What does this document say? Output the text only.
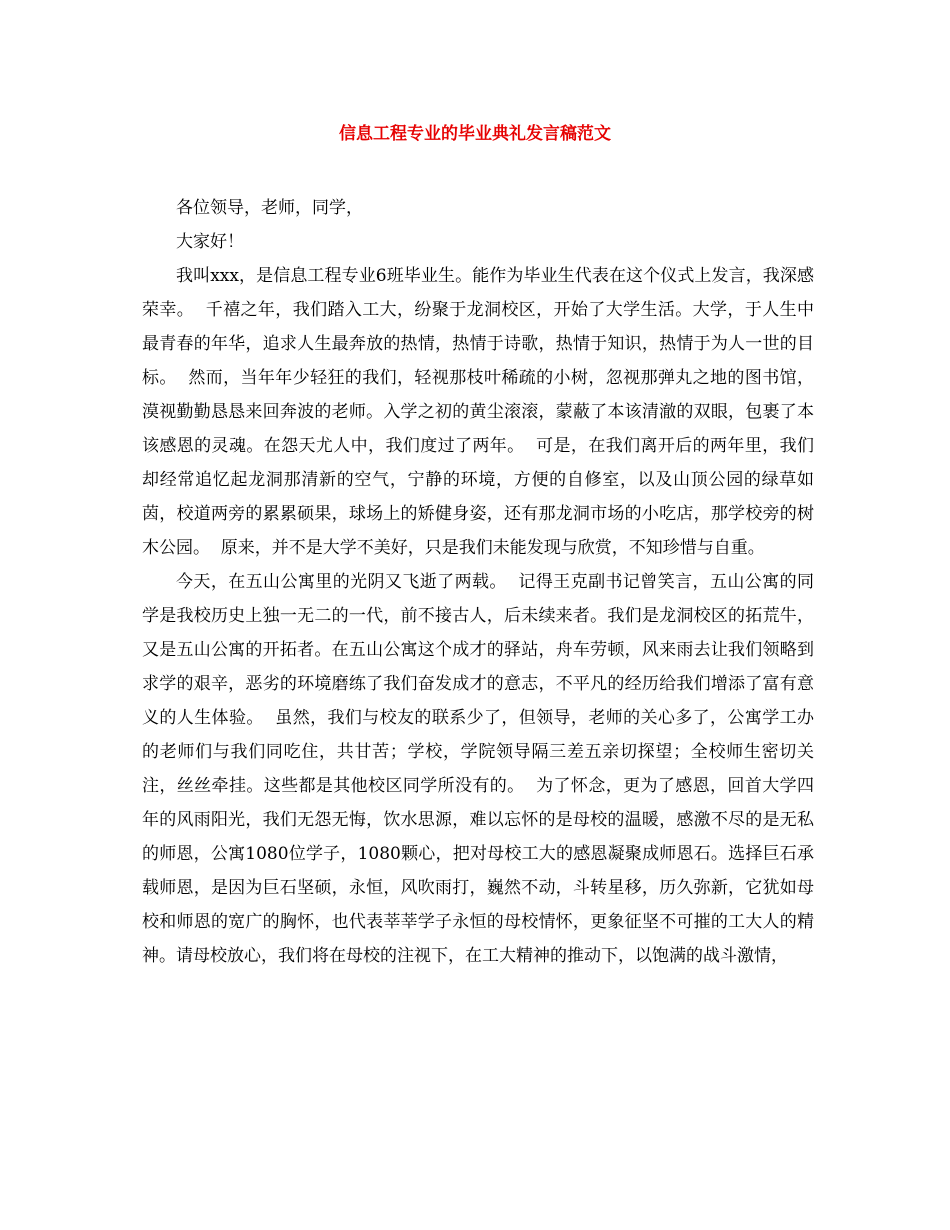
信息工程专业的毕业典礼发言稿范文

各位领导，老师，同学，

大家好！

我叫xxx，是信息工程专业6班毕业生。能作为毕业生代表在这个仪式上发言，我深感荣幸。  千禧之年，我们踏入工大，纷聚于龙洞校区，开始了大学生活。大学，于人生中最青春的年华，追求人生最奔放的热情，热情于诗歌，热情于知识，热情于为人一世的目标。  然而，当年年少轻狂的我们，轻视那枝叶稀疏的小树，忽视那弹丸之地的图书馆，漠视勤勤恳恳来回奔波的老师。入学之初的黄尘滚滚，蒙蔽了本该清澈的双眼，包裹了本该感恩的灵魂。在怨天尤人中，我们度过了两年。  可是，在我们离开后的两年里，我们却经常追忆起龙洞那清新的空气，宁静的环境，方便的自修室，以及山顶公园的绿草如茵，校道两旁的累累硕果，球场上的矫健身姿，还有那龙洞市场的小吃店，那学校旁的树木公园。  原来，并不是大学不美好，只是我们未能发现与欣赏，不知珍惜与自重。

今天，在五山公寓里的光阴又飞逝了两载。  记得王克副书记曾笑言，五山公寓的同学是我校历史上独一无二的一代，前不接古人，后未续来者。我们是龙洞校区的拓荒牛，又是五山公寓的开拓者。在五山公寓这个成才的驿站，舟车劳顿，风来雨去让我们领略到求学的艰辛，恶劣的环境磨练了我们奋发成才的意志，不平凡的经历给我们增添了富有意义的人生体验。  虽然，我们与校友的联系少了，但领导，老师的关心多了，公寓学工办的老师们与我们同吃住，共甘苦；学校，学院领导隔三差五亲切探望；全校师生密切关注，丝丝牵挂。这些都是其他校区同学所没有的。  为了怀念，更为了感恩，回首大学四年的风雨阳光，我们无怨无悔，饮水思源，难以忘怀的是母校的温暖，感激不尽的是无私的师恩，公寓1080位学子，1080颗心，把对母校工大的感恩凝聚成师恩石。选择巨石承载师恩，是因为巨石坚硕，永恒，风吹雨打，巍然不动，斗转星移，历久弥新，它犹如母校和师恩的宽广的胸怀，也代表莘莘学子永恒的母校情怀，更象征坚不可摧的工大人的精神。请母校放心，我们将在母校的注视下，在工大精神的推动下，以饱满的战斗激情，
